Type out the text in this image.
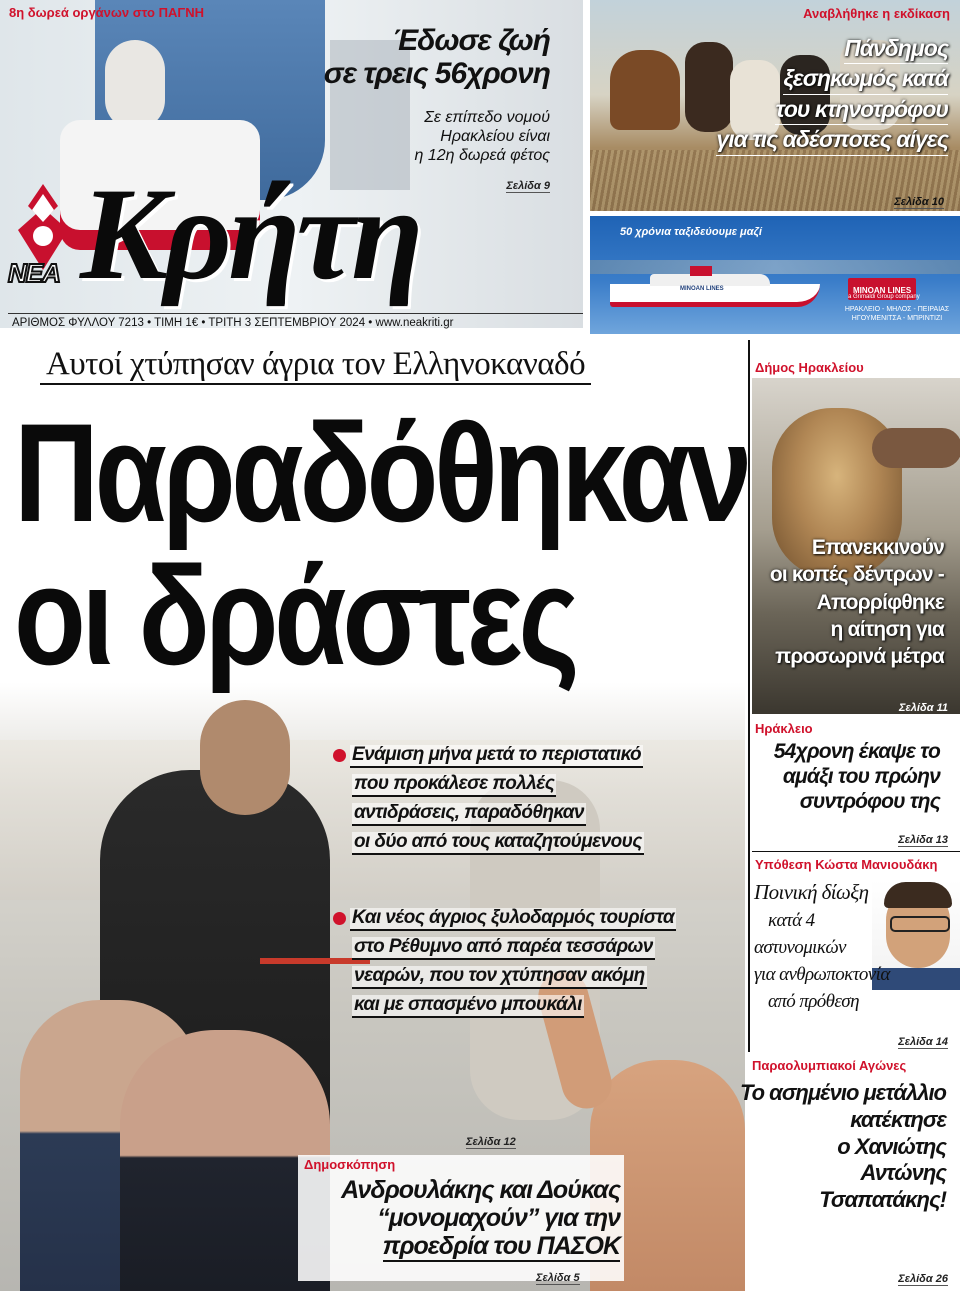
8η δωρεά οργάνων στο ΠΑΓΝΗ
Έδωσε ζωή
σε τρεις 56χρονη
Σε επίπεδο νομού
Ηρακλείου είναι
η 12η δωρεά φέτος
Σελίδα 9
ΝΕΑ Κρήτη
ΑΡΙΘΜΟΣ ΦΥΛΛΟΥ 7213 • ΤΙΜΗ 1€ • ΤΡΙΤΗ 3 ΣΕΠΤΕΜΒΡΙΟΥ 2024 • www.neakriti.gr
Αναβλήθηκε η εκδίκαση
Πάνδημος
ξεσηκωμός κατά
του κτηνοτρόφου
για τις αδέσποτες αίγες
Σελίδα 10
50 χρόνια ταξιδεύουμε μαζί
MINOAN LINES	MINOAN LINES
a Grimaldi Group company
ΗΡΑΚΛΕΙΟ - ΜΗΛΟΣ - ΠΕΙΡΑΙΑΣ
ΗΓΟΥΜΕΝΙΤΣΑ - ΜΠΡΙΝΤΙΖΙ
Αυτοί χτύπησαν άγρια τον Ελληνοκαναδό
Παραδόθηκαν
οι δράστες
Ενάμιση μήνα μετά το περιστατικό
που προκάλεσε πολλές
αντιδράσεις, παραδόθηκαν
οι δύο από τους καταζητούμενους
Και νέος άγριος ξυλοδαρμός τουρίστα
στο Ρέθυμνο από παρέα τεσσάρων
νεαρών, που τον χτύπησαν ακόμη
και με σπασμένο μπουκάλι
Σελίδα 12
Δημοσκόπηση
Ανδρουλάκης και Δούκας
“μονομαχούν” για την
προεδρία του ΠΑΣΟΚ
Σελίδα 5
Παραολυμπιακοί Αγώνες
Το ασημένιο μετάλλιο
κατέκτησε
ο Χανιώτης
Αντώνης
Τσαπατάκης!
Σελίδα 26
Δήμος Ηρακλείου
Επανεκκινούν
οι κοπές δέντρων -
Απορρίφθηκε
η αίτηση για
προσωρινά μέτρα
Σελίδα 11
Ηράκλειο
54χρονη έκαψε το
αμάξι του πρώην
συντρόφου της
Σελίδα 13
Υπόθεση Κώστα Μανιουδάκη
Ποινική δίωξη
κατά 4
αστυνομικών
για ανθρωποκτονία
από πρόθεση
Σελίδα 14
